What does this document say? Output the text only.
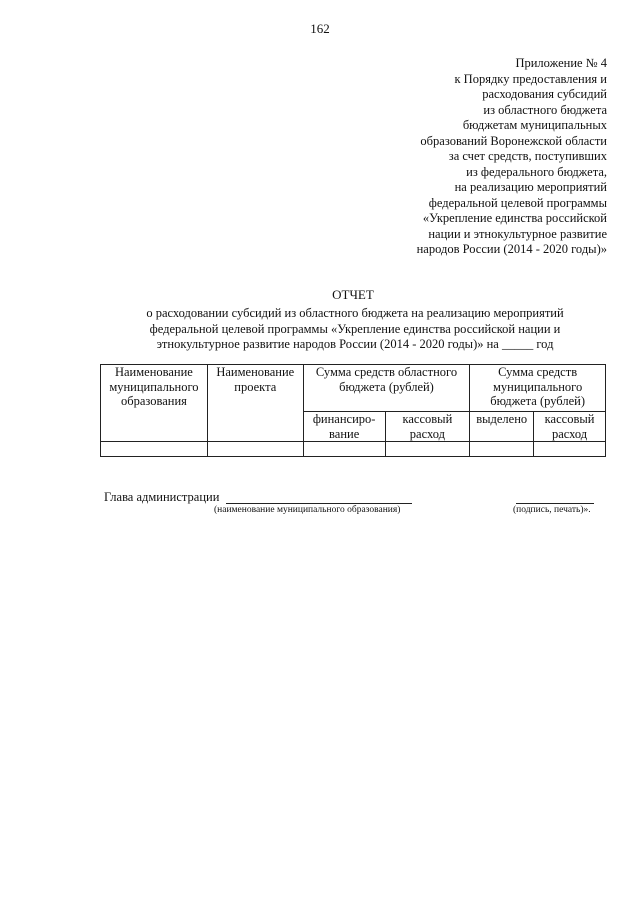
162
Приложение № 4
к Порядку предоставления и
расходования субсидий
из областного бюджета
бюджетам муниципальных
образований Воронежской области
за счет средств, поступивших
из федерального бюджета,
на реализацию мероприятий
федеральной целевой программы
«Укрепление единства российской
нации и этнокультурное развитие
народов России (2014 - 2020 годы)»
ОТЧЕТ
о расходовании субсидий из областного бюджета на реализацию мероприятий
федеральной целевой программы «Укрепление единства российской нации и
этнокультурное развитие народов России (2014 - 2020 годы)» на _____ год
Наименование муниципального образования	Наименование проекта	Сумма средств областного бюджета (рублей)		Сумма средств муниципального бюджета (рублей)	
		финансиро-вание	кассовый расход	выделено	кассовый расход

Глава администрации
(наименование муниципального образования)	(подпись, печать)».
